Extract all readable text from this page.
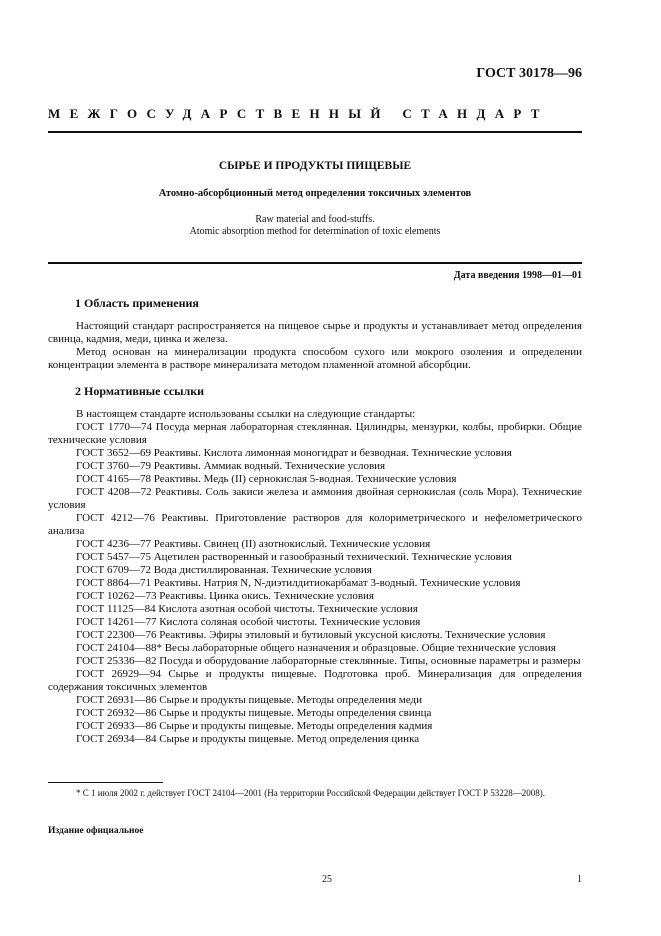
ГОСТ 30178—96
МЕЖГОСУДАРСТВЕННЫЙ СТАНДАРТ
СЫРЬЕ И ПРОДУКТЫ ПИЩЕВЫЕ
Атомно-абсорбционный метод определения токсичных элементов
Raw material and food-stuffs.
Atomic absorption method for determination of toxic elements
Дата введения 1998—01—01
1 Область применения

Настоящий стандарт распространяется на пищевое сырье и продукты и устанавливает метод определения свинца, кадмия, меди, цинка и железа.

Метод основан на минерализации продукта способом сухого или мокрого озоления и определении концентрации элемента в растворе минерализата методом пламенной атомной абсорбции.

2 Нормативные ссылки

В настоящем стандарте использованы ссылки на следующие стандарты:

ГОСТ 1770—74 Посуда мерная лабораторная стеклянная. Цилиндры, мензурки, колбы, пробирки. Общие технические условия

ГОСТ 3652—69 Реактивы. Кислота лимонная моногидрат и безводная. Технические условия

ГОСТ 3760—79 Реактивы. Аммиак водный. Технические условия

ГОСТ 4165—78 Реактивы. Медь (II) сернокислая 5-водная. Технические условия

ГОСТ 4208—72 Реактивы. Соль закиси железа и аммония двойная сернокислая (соль Мора). Технические условия

ГОСТ 4212—76 Реактивы. Приготовление растворов для колориметрического и нефелометрического анализа

ГОСТ 4236—77 Реактивы. Свинец (II) азотнокислый. Технические условия

ГОСТ 5457—75 Ацетилен растворенный и газообразный технический. Технические условия

ГОСТ 6709—72 Вода дистиллированная. Технические условия

ГОСТ 8864—71 Реактивы. Натрия N, N-диэтилдитиокарбамат 3-водный. Технические условия

ГОСТ 10262—73 Реактивы. Цинка окись. Технические условия

ГОСТ 11125—84 Кислота азотная особой чистоты. Технические условия

ГОСТ 14261—77 Кислота соляная особой чистоты. Технические условия

ГОСТ 22300—76 Реактивы. Эфиры этиловый и бутиловый уксусной кислоты. Технические условия

ГОСТ 24104—88* Весы лабораторные общего назначения и образцовые. Общие технические условия

ГОСТ 25336—82 Посуда и оборудование лабораторные стеклянные. Типы, основные параметры и размеры

ГОСТ 26929—94 Сырье и продукты пищевые. Подготовка проб. Минерализация для определения содержания токсичных элементов

ГОСТ 26931—86 Сырье и продукты пищевые. Методы определения меди

ГОСТ 26932—86 Сырье и продукты пищевые. Методы определения свинца

ГОСТ 26933—86 Сырье и продукты пищевые. Методы определения кадмия

ГОСТ 26934—84 Сырье и продукты пищевые. Метод определения цинка

* С 1 июля 2002 г. действует ГОСТ 24104—2001 (На территории Российской Федерации действует ГОСТ Р 53228—2008).
Издание официальное
25	1
